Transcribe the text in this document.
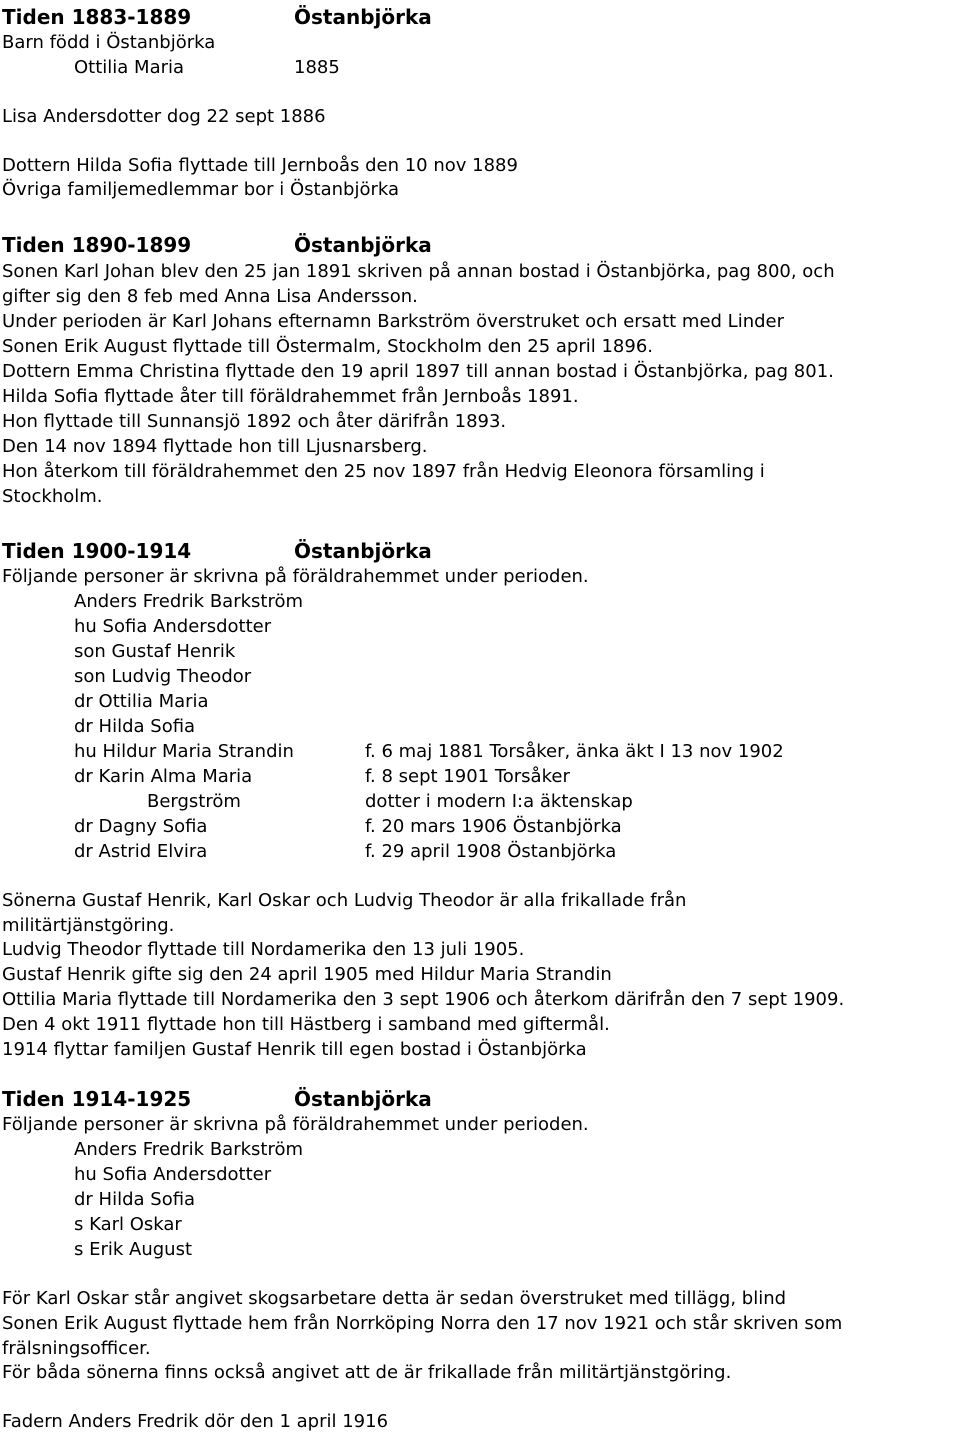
Tiden 1883-1889	Östanbjörka
Barn född i Östanbjörka
Ottilia Maria	1885
Lisa Andersdotter dog 22 sept 1886
Dottern Hilda Sofia flyttade till Jernboås den 10 nov 1889
Övriga familjemedlemmar bor i Östanbjörka
Tiden 1890-1899	Östanbjörka
Sonen Karl Johan blev den 25 jan 1891 skriven på annan bostad i Östanbjörka, pag 800, och
gifter sig den 8 feb med Anna Lisa Andersson.
Under perioden är Karl Johans efternamn Barkström överstruket och ersatt med Linder
Sonen Erik August flyttade till Östermalm, Stockholm den 25 april 1896.
Dottern Emma Christina flyttade den 19 april 1897 till annan bostad i Östanbjörka, pag 801.
Hilda Sofia flyttade åter till föräldrahemmet från Jernboås 1891.
Hon flyttade till Sunnansjö 1892 och åter därifrån 1893.
Den 14 nov 1894 flyttade hon till Ljusnarsberg.
Hon återkom till föräldrahemmet den 25 nov 1897 från Hedvig Eleonora församling i
Stockholm.
Tiden 1900-1914	Östanbjörka
Följande personer är skrivna på föräldrahemmet under perioden.
Anders Fredrik Barkström
hu Sofia Andersdotter
son Gustaf Henrik
son Ludvig Theodor
dr Ottilia Maria
dr Hilda Sofia
hu Hildur Maria Strandin	f. 6 maj 1881 Torsåker, änka äkt I 13 nov 1902
dr Karin Alma Maria	f. 8 sept 1901 Torsåker
Bergström	dotter i modern I:a äktenskap
dr Dagny Sofia	f. 20 mars 1906 Östanbjörka
dr Astrid Elvira	f. 29 april 1908 Östanbjörka
Sönerna Gustaf Henrik, Karl Oskar och Ludvig Theodor är alla frikallade från
militärtjänstgöring.
Ludvig Theodor flyttade till Nordamerika den 13 juli 1905.
Gustaf Henrik gifte sig den 24 april 1905 med Hildur Maria Strandin
Ottilia Maria flyttade till Nordamerika den 3 sept 1906 och återkom därifrån den 7 sept 1909.
Den 4 okt 1911 flyttade hon till Hästberg i samband med giftermål.
1914 flyttar familjen Gustaf Henrik till egen bostad i Östanbjörka
Tiden 1914-1925	Östanbjörka
Följande personer är skrivna på föräldrahemmet under perioden.
Anders Fredrik Barkström
hu Sofia Andersdotter
dr Hilda Sofia
s Karl Oskar
s Erik August
För Karl Oskar står angivet skogsarbetare detta är sedan överstruket med tillägg, blind
Sonen Erik August flyttade hem från Norrköping Norra den 17 nov 1921 och står skriven som
frälsningsofficer.
För båda sönerna finns också angivet att de är frikallade från militärtjänstgöring.
Fadern Anders Fredrik dör den 1 april 1916
